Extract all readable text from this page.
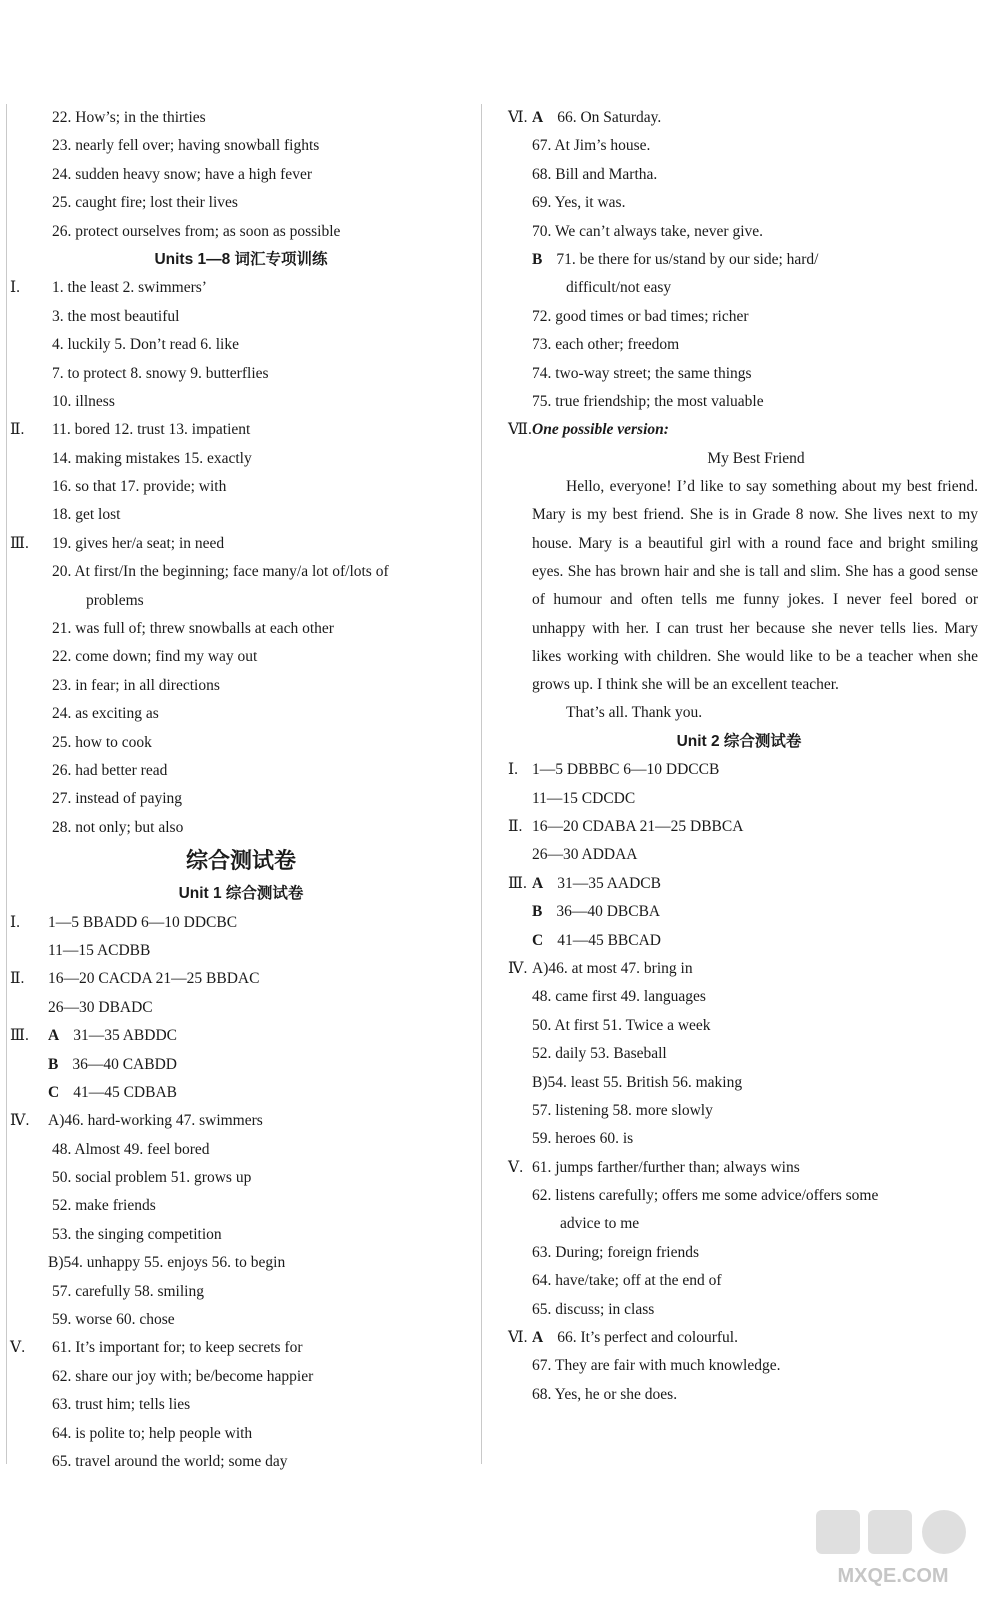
22. How’s; in the thirties
23. nearly fell over; having snowball fights
24. sudden heavy snow; have a high fever
25. caught fire; lost their lives
26. protect ourselves from; as soon as possible
Units 1—8 词汇专项训练
Ⅰ.	1. the least 2. swimmers’
3. the most beautiful
4. luckily 5. Don’t read 6. like
7. to protect 8. snowy 9. butterflies
10. illness
Ⅱ.	11. bored 12. trust 13. impatient
14. making mistakes 15. exactly
16. so that 17. provide; with
18. get lost
Ⅲ.	19. gives her/a seat; in need
20. At first/In the beginning; face many/a lot of/lots of
problems
21. was full of; threw snowballs at each other
22. come down; find my way out
23. in fear; in all directions
24. as exciting as
25. how to cook
26. had better read
27. instead of paying
28. not only; but also
综合测试卷
Unit 1 综合测试卷
Ⅰ.	1—5 BBADD 6—10 DDCBC
11—15 ACDBB
Ⅱ.	16—20 CACDA 21—25 BBDAC
26—30 DBADC
Ⅲ.	A 31—35 ABDDC
B 36—40 CABDD
C 41—45 CDBAB
Ⅳ. A)46. hard-working 47. swimmers
48. Almost 49. feel bored
50. social problem 51. grows up
52. make friends
53. the singing competition
B)54. unhappy 55. enjoys 56. to begin
57. carefully 58. smiling
59. worse 60. chose
Ⅴ.	61. It’s important for; to keep secrets for
62. share our joy with; be/become happier
63. trust him; tells lies
64. is polite to; help people with
65. travel around the world; some day
Ⅵ. A 66. On Saturday.
67. At Jim’s house.
68. Bill and Martha.
69. Yes, it was.
70. We can’t always take, never give.
B 71. be there for us/stand by our side; hard/
difficult/not easy
72. good times or bad times; richer
73. each other; freedom
74. two-way street; the same things
75. true friendship; the most valuable
Ⅶ. One possible version:
My Best Friend
Hello, everyone! I’d like to say something about my best friend. Mary is my best friend. She is in Grade 8 now. She lives next to my house. Mary is a beautiful girl with a round face and bright smiling eyes. She has brown hair and she is tall and slim. She has a good sense of humour and often tells me funny jokes. I never feel bored or unhappy with her. I can trust her because she never tells lies. Mary likes working with children. She would like to be a teacher when she grows up. I think she will be an excellent teacher.
That’s all. Thank you.
Unit 2 综合测试卷
Ⅰ. 1—5 DBBBC 6—10 DDCCB
11—15 CDCDC
Ⅱ. 16—20 CDABA 21—25 DBBCA
26—30 ADDAA
Ⅲ. A 31—35 AADCB
B 36—40 DBCBA
C 41—45 BBCAD
Ⅳ. A)46. at most 47. bring in
48. came first 49. languages
50. At first 51. Twice a week
52. daily 53. Baseball
B)54. least 55. British 56. making
57. listening 58. more slowly
59. heroes 60. is
Ⅴ. 61. jumps farther/further than; always wins
62. listens carefully; offers me some advice/offers some
advice to me
63. During; foreign friends
64. have/take; off at the end of
65. discuss; in class
Ⅵ. A 66. It’s perfect and colourful.
67. They are fair with much knowledge.
68. Yes, he or she does.
MXQE.COM
